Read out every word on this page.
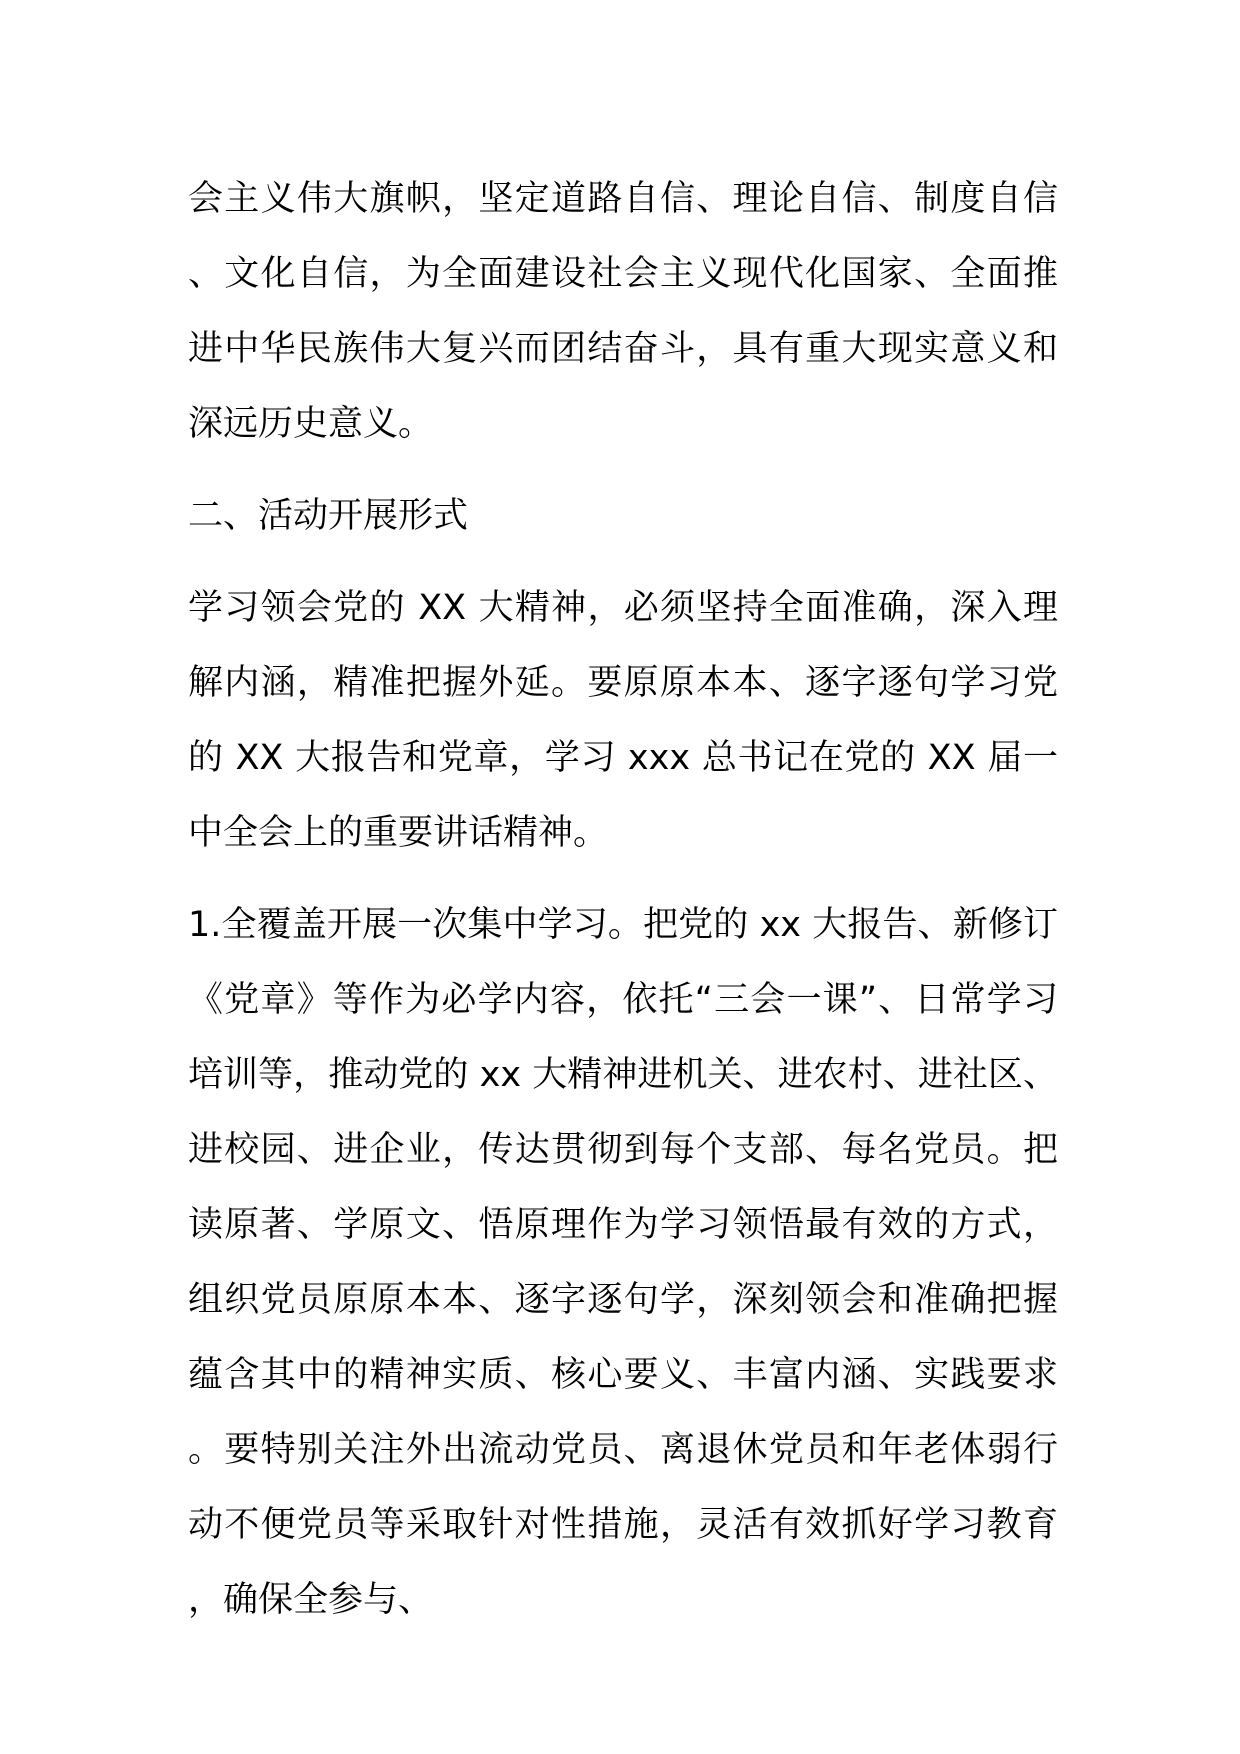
会主义伟大旗帜，坚定道路自信、理论自信、制度自信、文化自信，为全面建设社会主义现代化国家、全面推进中华民族伟大复兴而团结奋斗，具有重大现实意义和深远历史意义。

二、活动开展形式

学习领会党的 XX 大精神，必须坚持全面准确，深入理解内涵，精准把握外延。要原原本本、逐字逐句学习党的 XX 大报告和党章，学习 xxx 总书记在党的 XX 届一中全会上的重要讲话精神。

1.全覆盖开展一次集中学习。把党的 xx 大报告、新修订《党章》等作为必学内容，依托“三会一课”、日常学习培训等，推动党的 xx 大精神进机关、进农村、进社区、进校园、进企业，传达贯彻到每个支部、每名党员。把读原著、学原文、悟原理作为学习领悟最有效的方式，组织党员原原本本、逐字逐句学，深刻领会和准确把握蕴含其中的精神实质、核心要义、丰富内涵、实践要求。要特别关注外出流动党员、离退休党员和年老体弱行动不便党员等采取针对性措施，灵活有效抓好学习教育，确保全参与、
